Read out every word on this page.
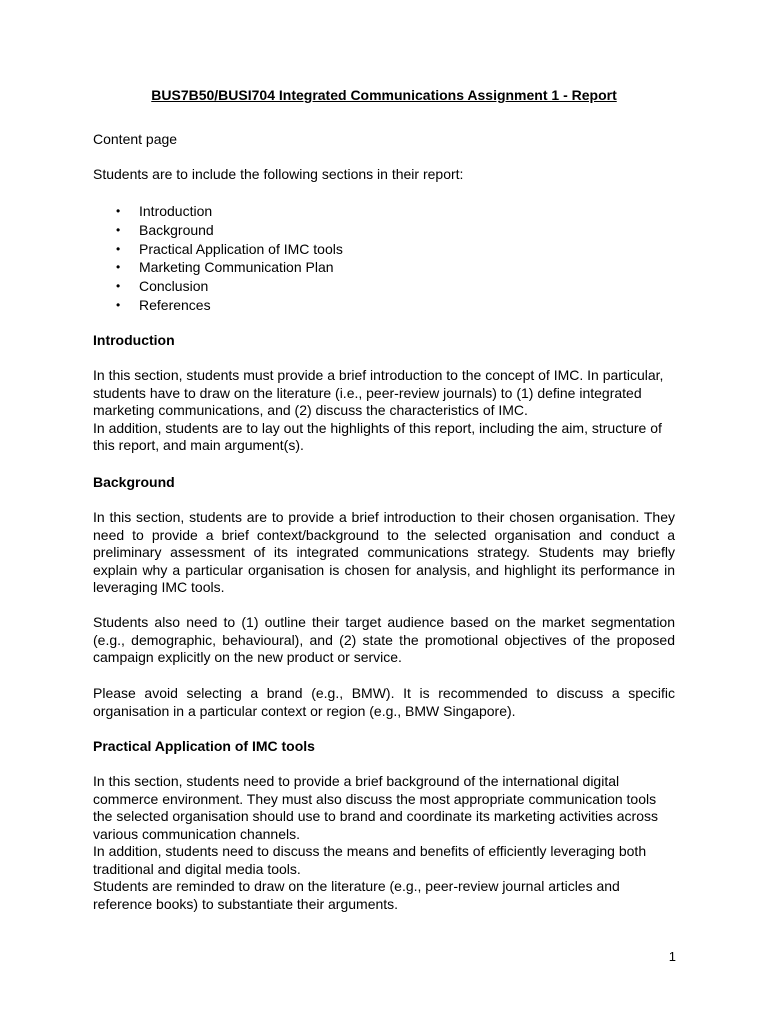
BUS7B50/BUSI704 Integrated Communications Assignment 1 - Report

Content page

Students are to include the following sections in their report:

• Introduction
• Background
• Practical Application of IMC tools
• Marketing Communication Plan
• Conclusion
• References

Introduction

In this section, students must provide a brief introduction to the concept of IMC. In particular,
students have to draw on the literature (i.e., peer-review journals) to (1) define integrated
marketing communications, and (2) discuss the characteristics of IMC.
In addition, students are to lay out the highlights of this report, including the aim, structure of
this report, and main argument(s).

Background

In this section, students are to provide a brief introduction to their chosen organisation. They need to provide a brief context/background to the selected organisation and conduct a preliminary assessment of its integrated communications strategy. Students may briefly explain why a particular organisation is chosen for analysis, and highlight its performance in leveraging IMC tools.

Students also need to (1) outline their target audience based on the market segmentation (e.g., demographic, behavioural), and (2) state the promotional objectives of the proposed campaign explicitly on the new product or service.

Please avoid selecting a brand (e.g., BMW). It is recommended to discuss a specific organisation in a particular context or region (e.g., BMW Singapore).

Practical Application of IMC tools

In this section, students need to provide a brief background of the international digital
commerce environment. They must also discuss the most appropriate communication tools
the selected organisation should use to brand and coordinate its marketing activities across
various communication channels.
In addition, students need to discuss the means and benefits of efficiently leveraging both
traditional and digital media tools.
Students are reminded to draw on the literature (e.g., peer-review journal articles and
reference books) to substantiate their arguments.

1
